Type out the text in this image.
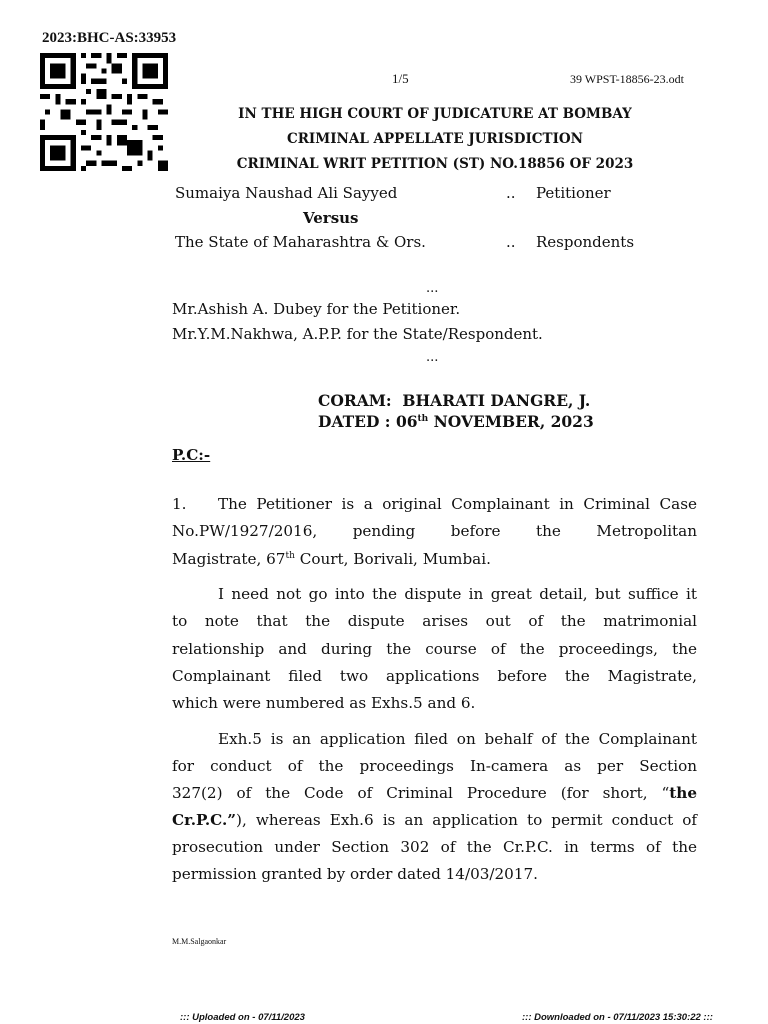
2023:BHC-AS:33953
1/5	39 WPST-18856-23.odt
IN THE HIGH COURT OF JUDICATURE AT BOMBAY
CRIMINAL APPELLATE JURISDICTION
CRIMINAL WRIT PETITION (ST) NO.18856 OF 2023
Sumaiya Naushad Ali Sayyed	.. Petitioner
Versus
The State of Maharashtra & Ors.	.. Respondents
...
Mr.Ashish A. Dubey for the Petitioner.
Mr.Y.M.Nakhwa, A.P.P. for the State/Respondent.
...
CORAM: BHARATI DANGRE, J.
DATED : 06th NOVEMBER, 2023
P.C:-
1. The Petitioner is a original Complainant in Criminal Case
No.PW/1927/2016, pending before the Metropolitan
Magistrate, 67th Court, Borivali, Mumbai.
I need not go into the dispute in great detail, but suffice it
to note that the dispute arises out of the matrimonial
relationship and during the course of the proceedings, the
Complainant filed two applications before the Magistrate,
which were numbered as Exhs.5 and 6.
Exh.5 is an application filed on behalf of the Complainant
for conduct of the proceedings In-camera as per Section
327(2) of the Code of Criminal Procedure (for short, “the
Cr.P.C.”), whereas Exh.6 is an application to permit conduct of
prosecution under Section 302 of the Cr.P.C. in terms of the
permission granted by order dated 14/03/2017.
M.M.Salgaonkar
::: Uploaded on - 07/11/2023	::: Downloaded on - 07/11/2023 15:30:22 :::
